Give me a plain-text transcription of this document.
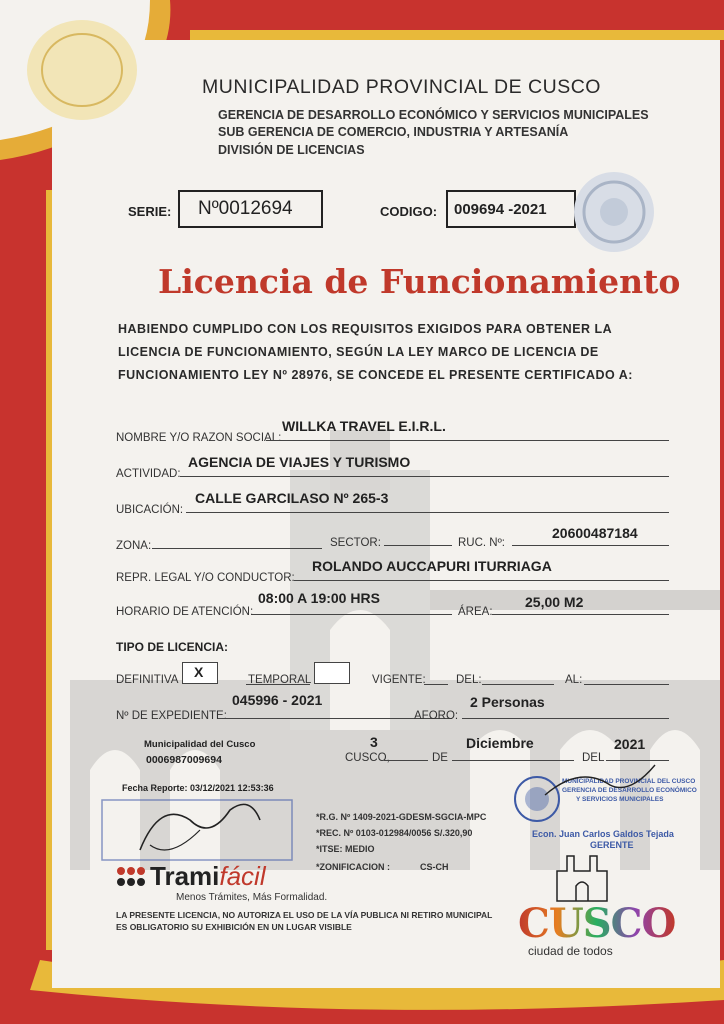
MUNICIPALIDAD PROVINCIAL DE CUSCO
GERENCIA DE DESARROLLO ECONÓMICO Y SERVICIOS MUNICIPALES
SUB GERENCIA DE COMERCIO, INDUSTRIA Y ARTESANÍA
DIVISIÓN DE LICENCIAS
SERIE: Nº0012694	CODIGO: 009694 -2021
Licencia de Funcionamiento
HABIENDO CUMPLIDO CON LOS REQUISITOS EXIGIDOS PARA OBTENER LA
LICENCIA DE FUNCIONAMIENTO, SEGÚN LA LEY MARCO DE LICENCIA DE
FUNCIONAMIENTO LEY Nº 28976, SE CONCEDE EL PRESENTE CERTIFICADO A:
NOMBRE Y/O RAZON SOCIAL:
WILLKA TRAVEL E.I.R.L.
ACTIVIDAD:
AGENCIA DE VIAJES Y TURISMO
UBICACIÓN:
CALLE GARCILASO Nº 265-3
ZONA:	SECTOR:	RUC. Nº:
20600487184
REPR. LEGAL Y/O CONDUCTOR:
ROLANDO AUCCAPURI ITURRIAGA
HORARIO DE ATENCIÓN:
08:00 A 19:00 HRS
ÁREA:
25,00 M2
TIPO DE LICENCIA:
DEFINITIVA X	TEMPORAL	VIGENTE:	DEL:	AL:
Nº DE EXPEDIENTE:
045996 - 2021
AFORO:
2 Personas
Municipalidad del Cusco
0006987009694
Fecha Reporte: 03/12/2021 12:53:36
3
CUSCO,	DE
Diciembre
DEL
2021
*R.G. Nº 1409-2021-GDESM-SGCIA-MPC
*REC. Nº 0103-012984/0056 S/.320,90
*ITSE: MEDIO
*ZONIFICACION :	CS-CH
MUNICIPALIDAD PROVINCIAL DEL CUSCO
GERENCIA DE DESARROLLO ECONÓMICO
Y SERVICIOS MUNICIPALES
Econ. Juan Carlos Galdos Tejada
GERENTE
Tramifácil
Menos Trámites, Más Formalidad.
LA PRESENTE LICENCIA, NO AUTORIZA EL USO DE LA VÍA PUBLICA NI RETIRO MUNICIPAL
ES OBLIGATORIO SU EXHIBICIÓN EN UN LUGAR VISIBLE	CUSCO
ciudad de todos
